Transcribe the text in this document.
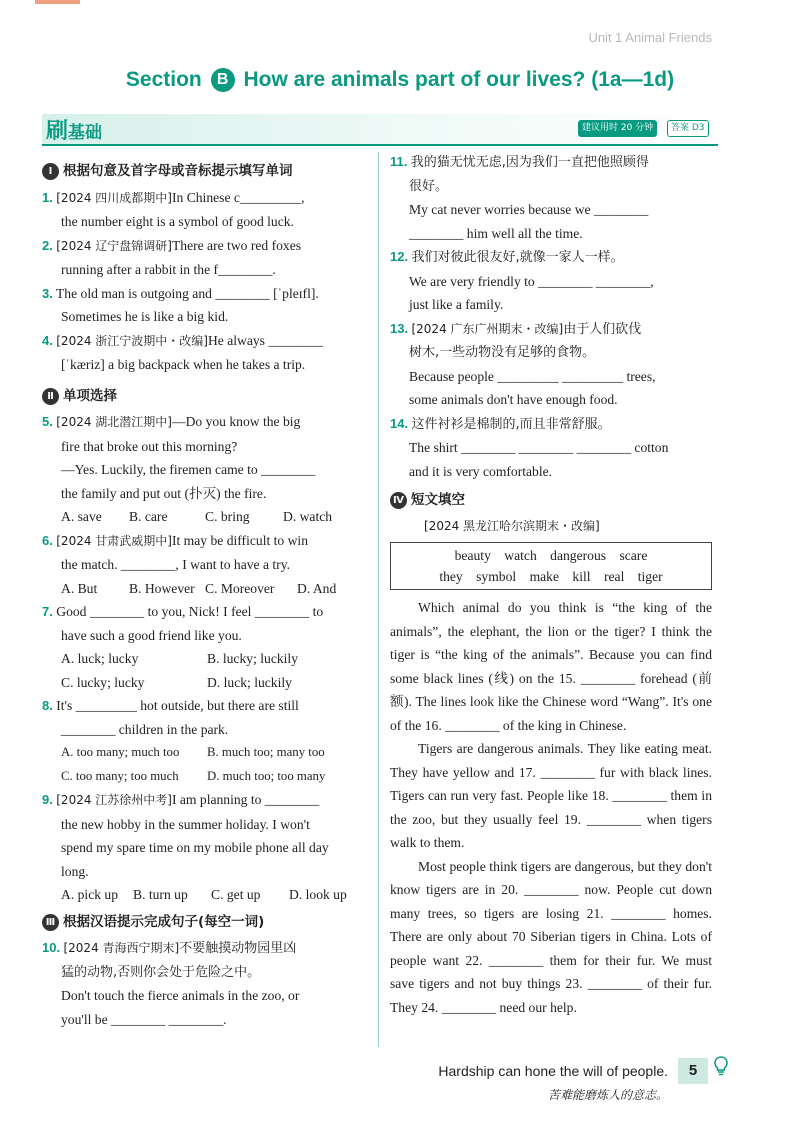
Unit 1 Animal Friends
Section B How are animals part of our lives? (1a—1d)
刷基础	建议用时 20 分钟	答案 D3
Ⅰ 根据句意及首字母或音标提示填写单词
1. [2024 四川成都期中]In Chinese c_________,
the number eight is a symbol of good luck.
2. [2024 辽宁盘锦调研]There are two red foxes
running after a rabbit in the f________.
3. The old man is outgoing and ________ [ˈpleɪfl].
Sometimes he is like a big kid.
4. [2024 浙江宁波期中・改编]He always ________
[ˈkæriz] a big backpack when he takes a trip.
Ⅱ 单项选择
5. [2024 湖北潜江期中]—Do you know the big
fire that broke out this morning?
—Yes. Luckily, the firemen came to ________
the family and put out (扑灭) the fire.
A. save	B. care	C. bring	D. watch
6. [2024 甘肃武威期中]It may be difficult to win
the match. ________, I want to have a try.
A. But	B. However C. Moreover	D. And
7. Good ________ to you, Nick! I feel ________ to
have such a good friend like you.
A. luck; lucky	B. lucky; luckily
C. lucky; lucky	D. luck; luckily
8. It's _________ hot outside, but there are still
________ children in the park.
A. too many; much too	B. much too; many too
C. too many; too much	D. much too; too many
9. [2024 江苏徐州中考]I am planning to ________
the new hobby in the summer holiday. I won't
spend my spare time on my mobile phone all day
long.
A. pick up	B. turn up	C. get up	D. look up
Ⅲ 根据汉语提示完成句子(每空一词)
10. [2024 青海西宁期末]不要触摸动物园里凶
猛的动物,否则你会处于危险之中。
Don't touch the fierce animals in the zoo, or
you'll be ________ ________.
11. 我的猫无忧无虑,因为我们一直把他照顾得
很好。
My cat never worries because we ________
________ him well all the time.
12. 我们对彼此很友好,就像一家人一样。
We are very friendly to ________ ________,
just like a family.
13. [2024 广东广州期末・改编]由于人们砍伐
树木,一些动物没有足够的食物。
Because people _________ _________ trees,
some animals don't have enough food.
14. 这件衬衫是棉制的,而且非常舒服。
The shirt ________ ________ ________ cotton
and it is very comfortable.
Ⅳ 短文填空
[2024 黑龙江哈尔滨期末・改编]
beauty watch dangerous scare
they symbol make kill real tiger
Which animal do you think is “the king of the animals”, the elephant, the lion or the tiger? I think the tiger is “the king of the animals”. Because you can find some black lines (线) on the 15. ________ forehead (前额). The lines look like the Chinese word “Wang”. It's one of the 16. ________ of the king in Chinese.
Tigers are dangerous animals. They like eating meat. They have yellow and 17. ________ fur with black lines. Tigers can run very fast. People like 18. ________ them in the zoo, but they usually feel 19. ________ when tigers walk to them.
Most people think tigers are dangerous, but they don't know tigers are in 20. ________ now. People cut down many trees, so tigers are losing 21. ________ homes. There are only about 70 Siberian tigers in China. Lots of people want 22. ________ them for their fur. We must save tigers and not buy things 23. ________ of their fur. They 24. ________ need our help.
Hardship can hone the will of people.
苦难能磨炼人的意志。
5
